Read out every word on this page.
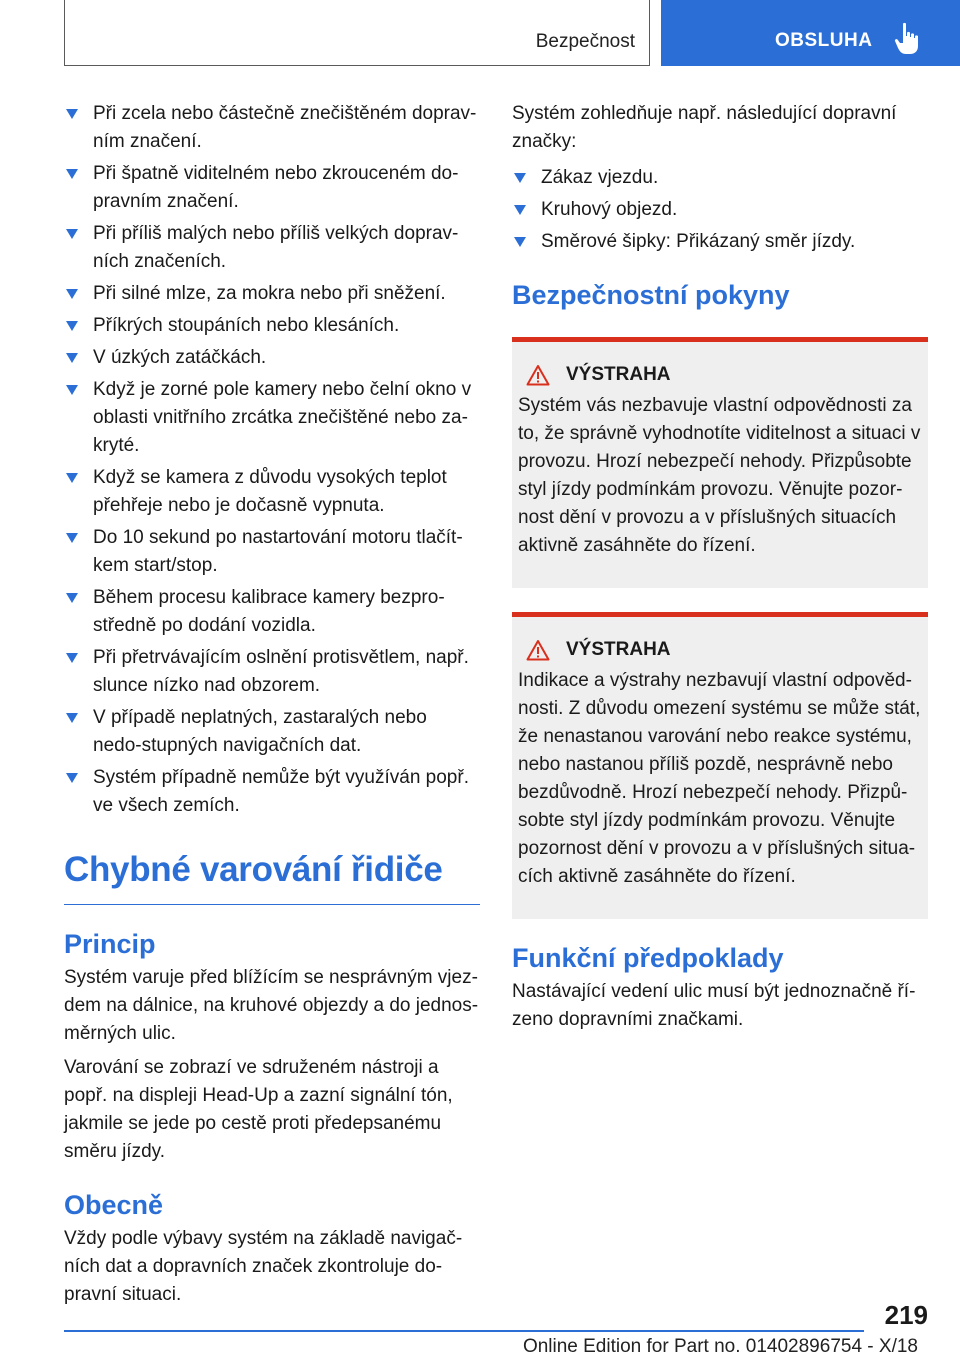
Bezpečnost	OBSLUHA
Při zcela nebo částečně znečištěném doprav-ním značení.
Při špatně viditelném nebo zkrouceném do-pravním značení.
Při příliš malých nebo příliš velkých doprav-ních značeních.
Při silné mlze, za mokra nebo při sněžení.
Příkrých stoupáních nebo klesáních.
V úzkých zatáčkách.
Když je zorné pole kamery nebo čelní okno v oblasti vnitřního zrcátka znečištěné nebo za-kryté.
Když se kamera z důvodu vysokých teplot přehřeje nebo je dočasně vypnuta.
Do 10 sekund po nastartování motoru tlačít-kem start/stop.
Během procesu kalibrace kamery bezpro-středně po dodání vozidla.
Při přetrvávajícím oslnění protisvětlem, např. slunce nízko nad obzorem.
V případě neplatných, zastaralých nebo nedo-stupných navigačních dat.
Systém případně nemůže být využíván popř. ve všech zemích.
Chybné varování řidiče
Princip

Systém varuje před blížícím se nesprávným vjez-dem na dálnice, na kruhové objezdy a do jednos-měrných ulic.

Varování se zobrazí ve sdruženém nástroji a popř. na displeji Head-Up a zazní signální tón, jakmile se jede po cestě proti předepsanému směru jízdy.

Obecně

Vždy podle výbavy systém na základě navigač-ních dat a dopravních značek zkontroluje do-pravní situaci.

Systém zohledňuje např. následující dopravní značky:

Zákaz vjezdu.
Kruhový objezd.
Směrové šipky: Přikázaný směr jízdy.
Bezpečnostní pokyny
VÝSTRAHA

Systém vás nezbavuje vlastní odpovědnosti za to, že správně vyhodnotíte viditelnost a situaci v provozu. Hrozí nebezpečí nehody. Přizpůsobte styl jízdy podmínkám provozu. Věnujte pozor-nost dění v provozu a v příslušných situacích aktivně zasáhněte do řízení.

VÝSTRAHA

Indikace a výstrahy nezbavují vlastní odpověd-nosti. Z důvodu omezení systému se může stát, že nenastanou varování nebo reakce systému, nebo nastanou příliš pozdě, nesprávně nebo bezdůvodně. Hrozí nebezpečí nehody. Přizpů-sobte styl jízdy podmínkám provozu. Věnujte pozornost dění v provozu a v příslušných situa-cích aktivně zasáhněte do řízení.

Funkční předpoklady

Nastávající vedení ulic musí být jednoznačně ří-zeno dopravními značkami.

219
Online Edition for Part no. 01402896754 - X/18
